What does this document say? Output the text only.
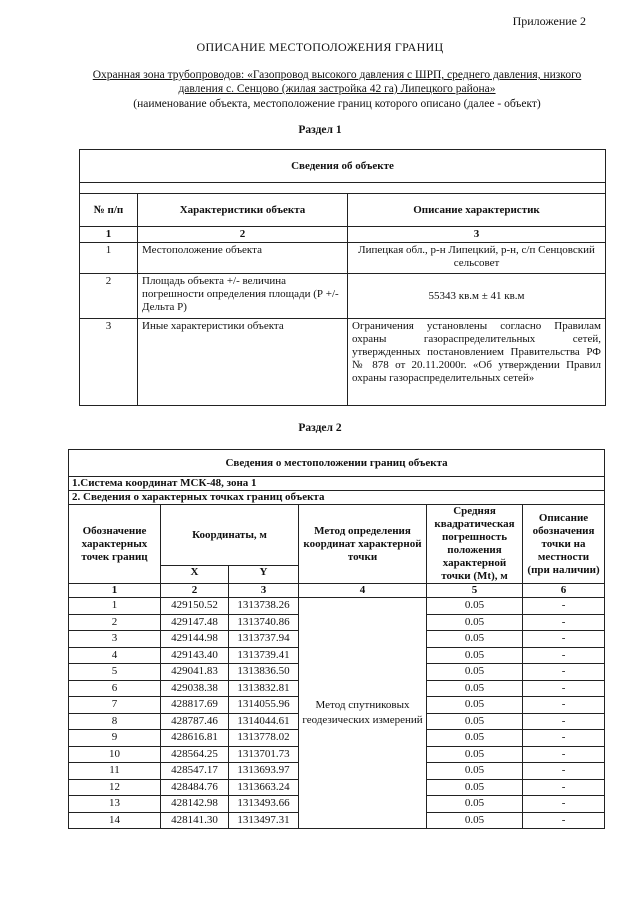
Приложение 2
ОПИСАНИЕ МЕСТОПОЛОЖЕНИЯ ГРАНИЦ
Охранная зона трубопроводов: «Газопровод высокого давления с ШРП, среднего давления, низкого давления с. Сенцово (жилая застройка 42 га) Липецкого района»
(наименование объекта, местоположение границ которого описано (далее - объект)
Раздел 1
Сведения об объекте		

№ п/п	Характеристики объекта	Описание характеристик
1	2	3
1	Местоположение объекта	Липецкая обл., р-н Липецкий, р-н, с/п Сенцовский сельсовет
2	Площадь объекта +/- величина погрешности определения площади (Р +/- Дельта Р)	55343 кв.м ± 41 кв.м
3	Иные характеристики объекта	Ограничения установлены согласно Правилам охраны газораспределительных сетей, утвержденных постановлением Правительства РФ № 878 от 20.11.2000г. «Об утверждении Правил охраны газораспределительных сетей»
Раздел 2
Сведения о местоположении границ объекта					
1.Система координат МСК-48, зона 1					
2. Сведения о характерных точках границ объекта					
Обозначение характерных точек границ	Координаты, м		Метод определения координат характерной точки	Средняя квадратическая погрешность положения характерной точки (Mt), м	Описание обозначения точки на местности (при наличии)
	X	Y			
1	2	3	4	5	6
1	429150.52	1313738.26	Метод спутниковых геодезических измерений	0.05	-
2	429147.48	1313740.86		0.05	-
3	429144.98	1313737.94		0.05	-
4	429143.40	1313739.41		0.05	-
5	429041.83	1313836.50		0.05	-
6	429038.38	1313832.81		0.05	-
7	428817.69	1314055.96		0.05	-
8	428787.46	1314044.61		0.05	-
9	428616.81	1313778.02		0.05	-
10	428564.25	1313701.73		0.05	-
11	428547.17	1313693.97		0.05	-
12	428484.76	1313663.24		0.05	-
13	428142.98	1313493.66		0.05	-
14	428141.30	1313497.31		0.05	-
